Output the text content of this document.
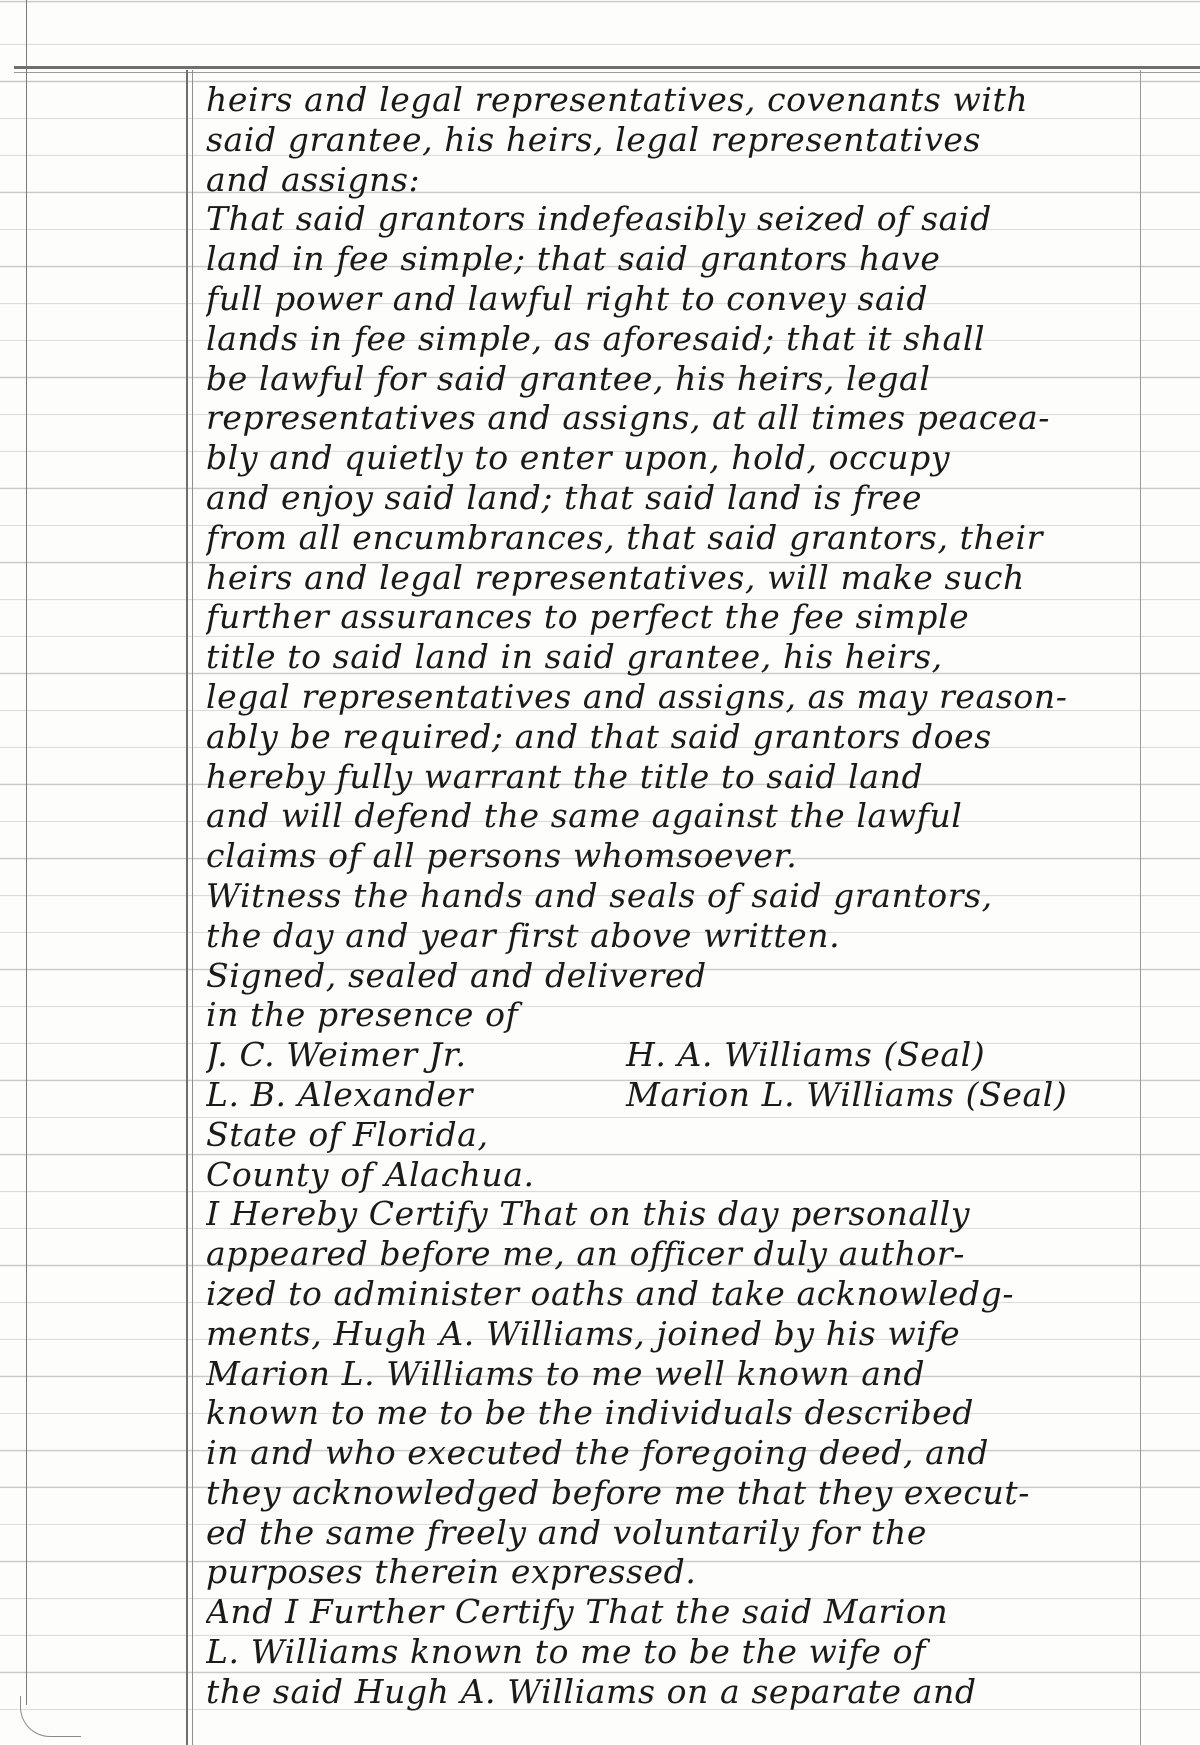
heirs and legal representatives, covenants with
said grantee, his heirs, legal representatives
and assigns:
That said grantors indefeasibly seized of said
land in fee simple; that said grantors have
full power and lawful right to convey said
lands in fee simple, as aforesaid; that it shall
be lawful for said grantee, his heirs, legal
representatives and assigns, at all times peacea-
bly and quietly to enter upon, hold, occupy
and enjoy said land; that said land is free
from all encumbrances, that said grantors, their
heirs and legal representatives, will make such
further assurances to perfect the fee simple
title to said land in said grantee, his heirs,
legal representatives and assigns, as may reason-
ably be required; and that said grantors does
hereby fully warrant the title to said land
and will defend the same against the lawful
claims of all persons whomsoever.
Witness the hands and seals of said grantors,
the day and year first above written.
Signed, sealed and delivered
in the presence of
J. C. Weimer Jr.	H. A. Williams (Seal)
L. B. Alexander	Marion L. Williams (Seal)
State of Florida,
County of Alachua.
I Hereby Certify That on this day personally
appeared before me, an officer duly author-
ized to administer oaths and take acknowledg-
ments, Hugh A. Williams, joined by his wife
Marion L. Williams to me well known and
known to me to be the individuals described
in and who executed the foregoing deed, and
they acknowledged before me that they execut-
ed the same freely and voluntarily for the
purposes therein expressed.
And I Further Certify That the said Marion
L. Williams known to me to be the wife of
the said Hugh A. Williams on a separate and
